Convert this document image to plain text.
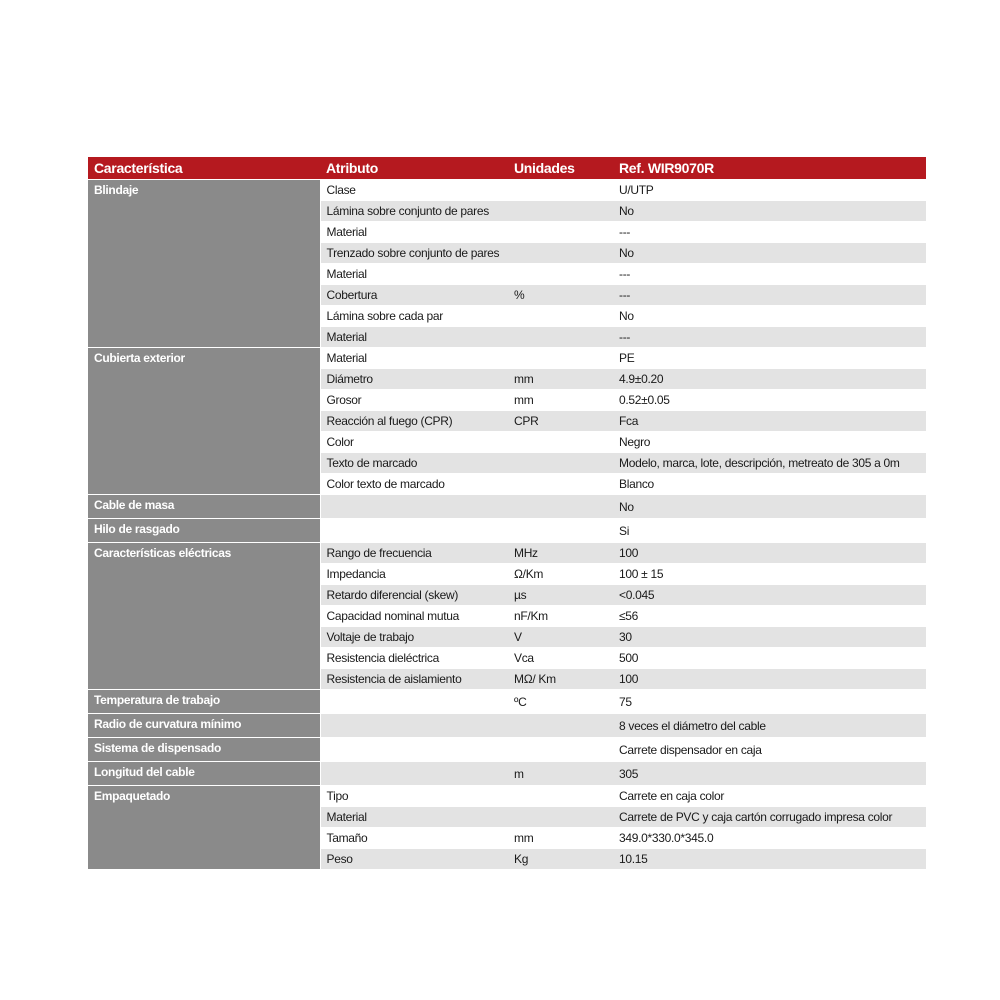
Característica	Atributo	Unidades	Ref. WIR9070R
Blindaje	Clase		U/UTP
	Lámina sobre conjunto de pares		No
	Material		---
	Trenzado sobre conjunto de pares		No
	Material		---
	Cobertura	%	---
	Lámina sobre cada par		No
	Material		---
Cubierta exterior	Material		PE
	Diámetro	mm	4.9±0.20
	Grosor	mm	0.52±0.05
	Reacción al fuego (CPR)	CPR	Fca
	Color		Negro
	Texto de marcado		Modelo, marca, lote, descripción, metreato de 305 a 0m
	Color texto de marcado		Blanco
Cable de masa			No
Hilo de rasgado			Si
Características eléctricas	Rango de frecuencia	MHz	100
	Impedancia	Ω/Km	100 ± 15
	Retardo diferencial (skew)	µs	<0.045
	Capacidad nominal mutua	nF/Km	≤56
	Voltaje de trabajo	V	30
	Resistencia dieléctrica	Vca	500
	Resistencia de aislamiento	MΩ/ Km	100
Temperatura de trabajo		ºC	75
Radio de curvatura mínimo			8 veces el diámetro del cable
Sistema de dispensado			Carrete dispensador en caja
Longitud del cable		m	305
Empaquetado	Tipo		Carrete en caja color
	Material		Carrete de PVC y caja cartón corrugado impresa color
	Tamaño	mm	349.0*330.0*345.0
	Peso	Kg	10.15
